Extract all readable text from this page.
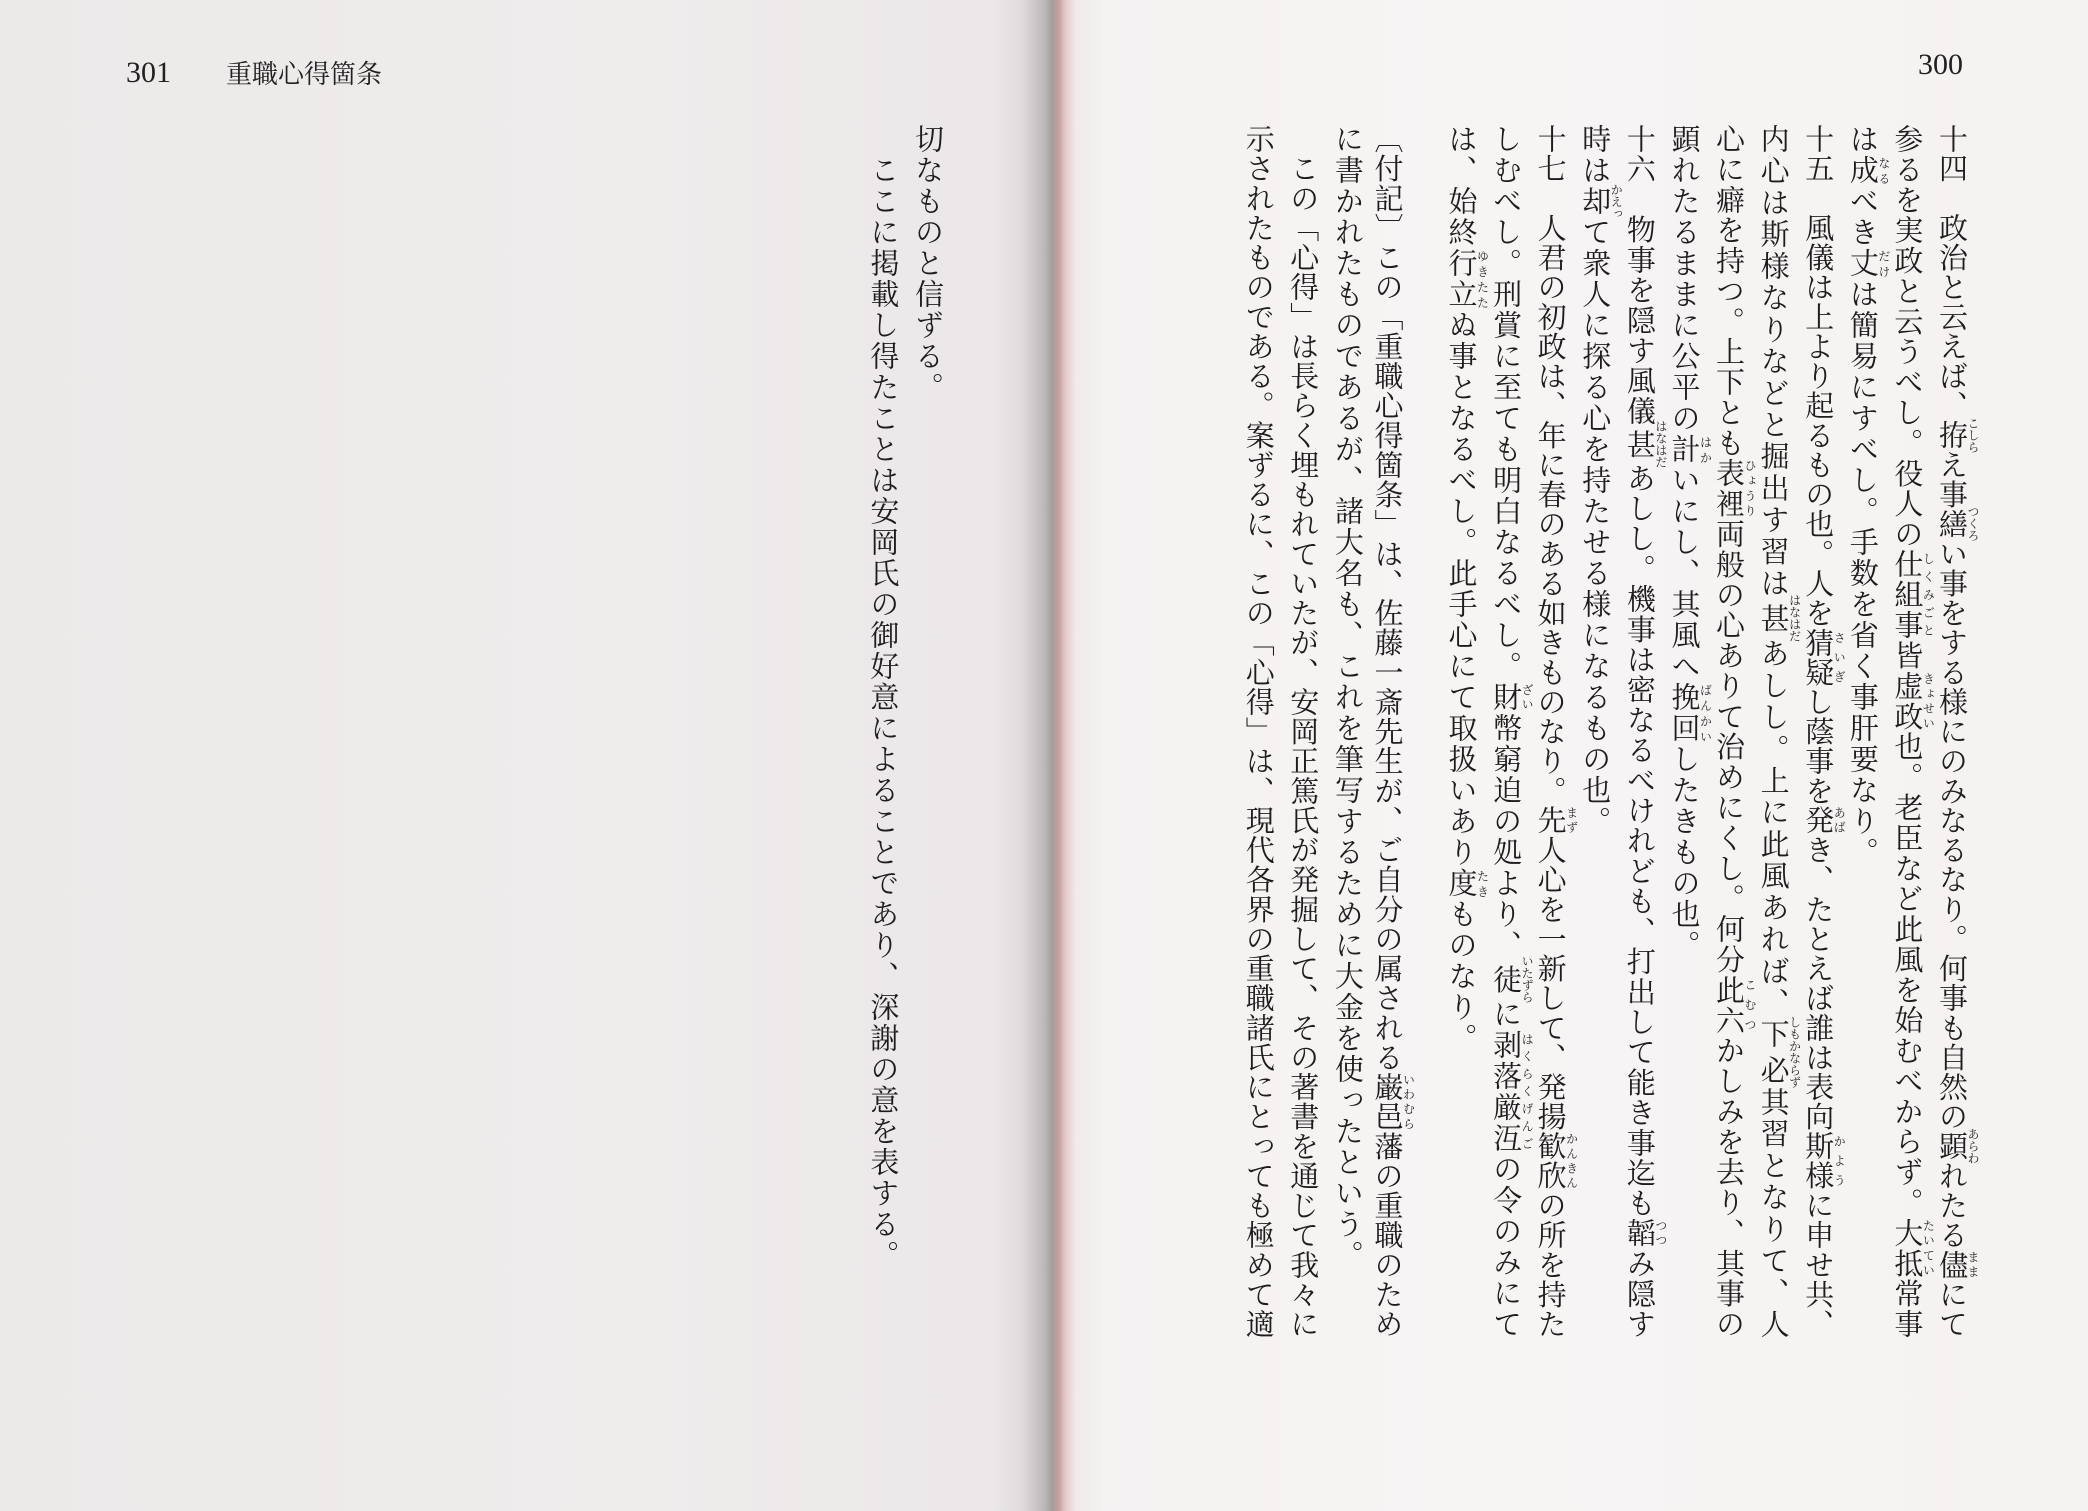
301 重職心得箇条
切なものと信ずる。
　ここに掲載し得たことは安岡氏の御好意によることであり、深謝の意を表する。
300
十四　政治と云えば、拵こしらえ事繕つくろい事をする様にのみなるなり。何事も自然の顕あらわれたる儘ままにて
参るを実政と云うべし。役人の仕組事しくみごと皆虚政きょせい也。老臣など此風を始むべからず。大抵たいてい常事
は成なるべき丈だけは簡易にすべし。手数を省く事肝要なり。
十五　風儀は上より起るもの也。人を猜疑さいぎし蔭事を発あばき、たとえば誰は表向斯様かように申せ共、
内心は斯様なりなどと掘出す習は甚はなはだあしし。上に此風あれば、下必しもかならず其習となりて、人
心に癖を持つ。上下とも表裡ひょうり両般の心ありて治めにくし。何分此六こむつかしみを去り、其事の
顕れたるままに公平の計はかいにし、其風へ挽回ばんかいしたきもの也。
十六　物事を隠す風儀甚はなはだあしし。機事は密なるべけれども、打出して能き事迄も韜つつみ隠す
時は却かえって衆人に探る心を持たせる様になるもの也。
十七　人君の初政は、年に春のある如きものなり。先まず人心を一新して、発揚歓欣かんきんの所を持た
しむべし。刑賞に至ても明白なるべし。財ざい幣窮迫の処より、徒いたずらに剥落厳沍はくらくげんごの令のみにて
は、始終行立ゆきたたぬ事となるべし。此手心にて取扱いあり度たきものなり。
〔付記〕この「重職心得箇条」は、佐藤一斎先生が、ご自分の属される巌邑いわむら藩の重職のため
に書かれたものであるが、諸大名も、これを筆写するために大金を使ったという。
　この「心得」は長らく埋もれていたが、安岡正篤氏が発掘して、その著書を通じて我々に
示されたものである。案ずるに、この「心得」は、現代各界の重職諸氏にとっても極めて適
